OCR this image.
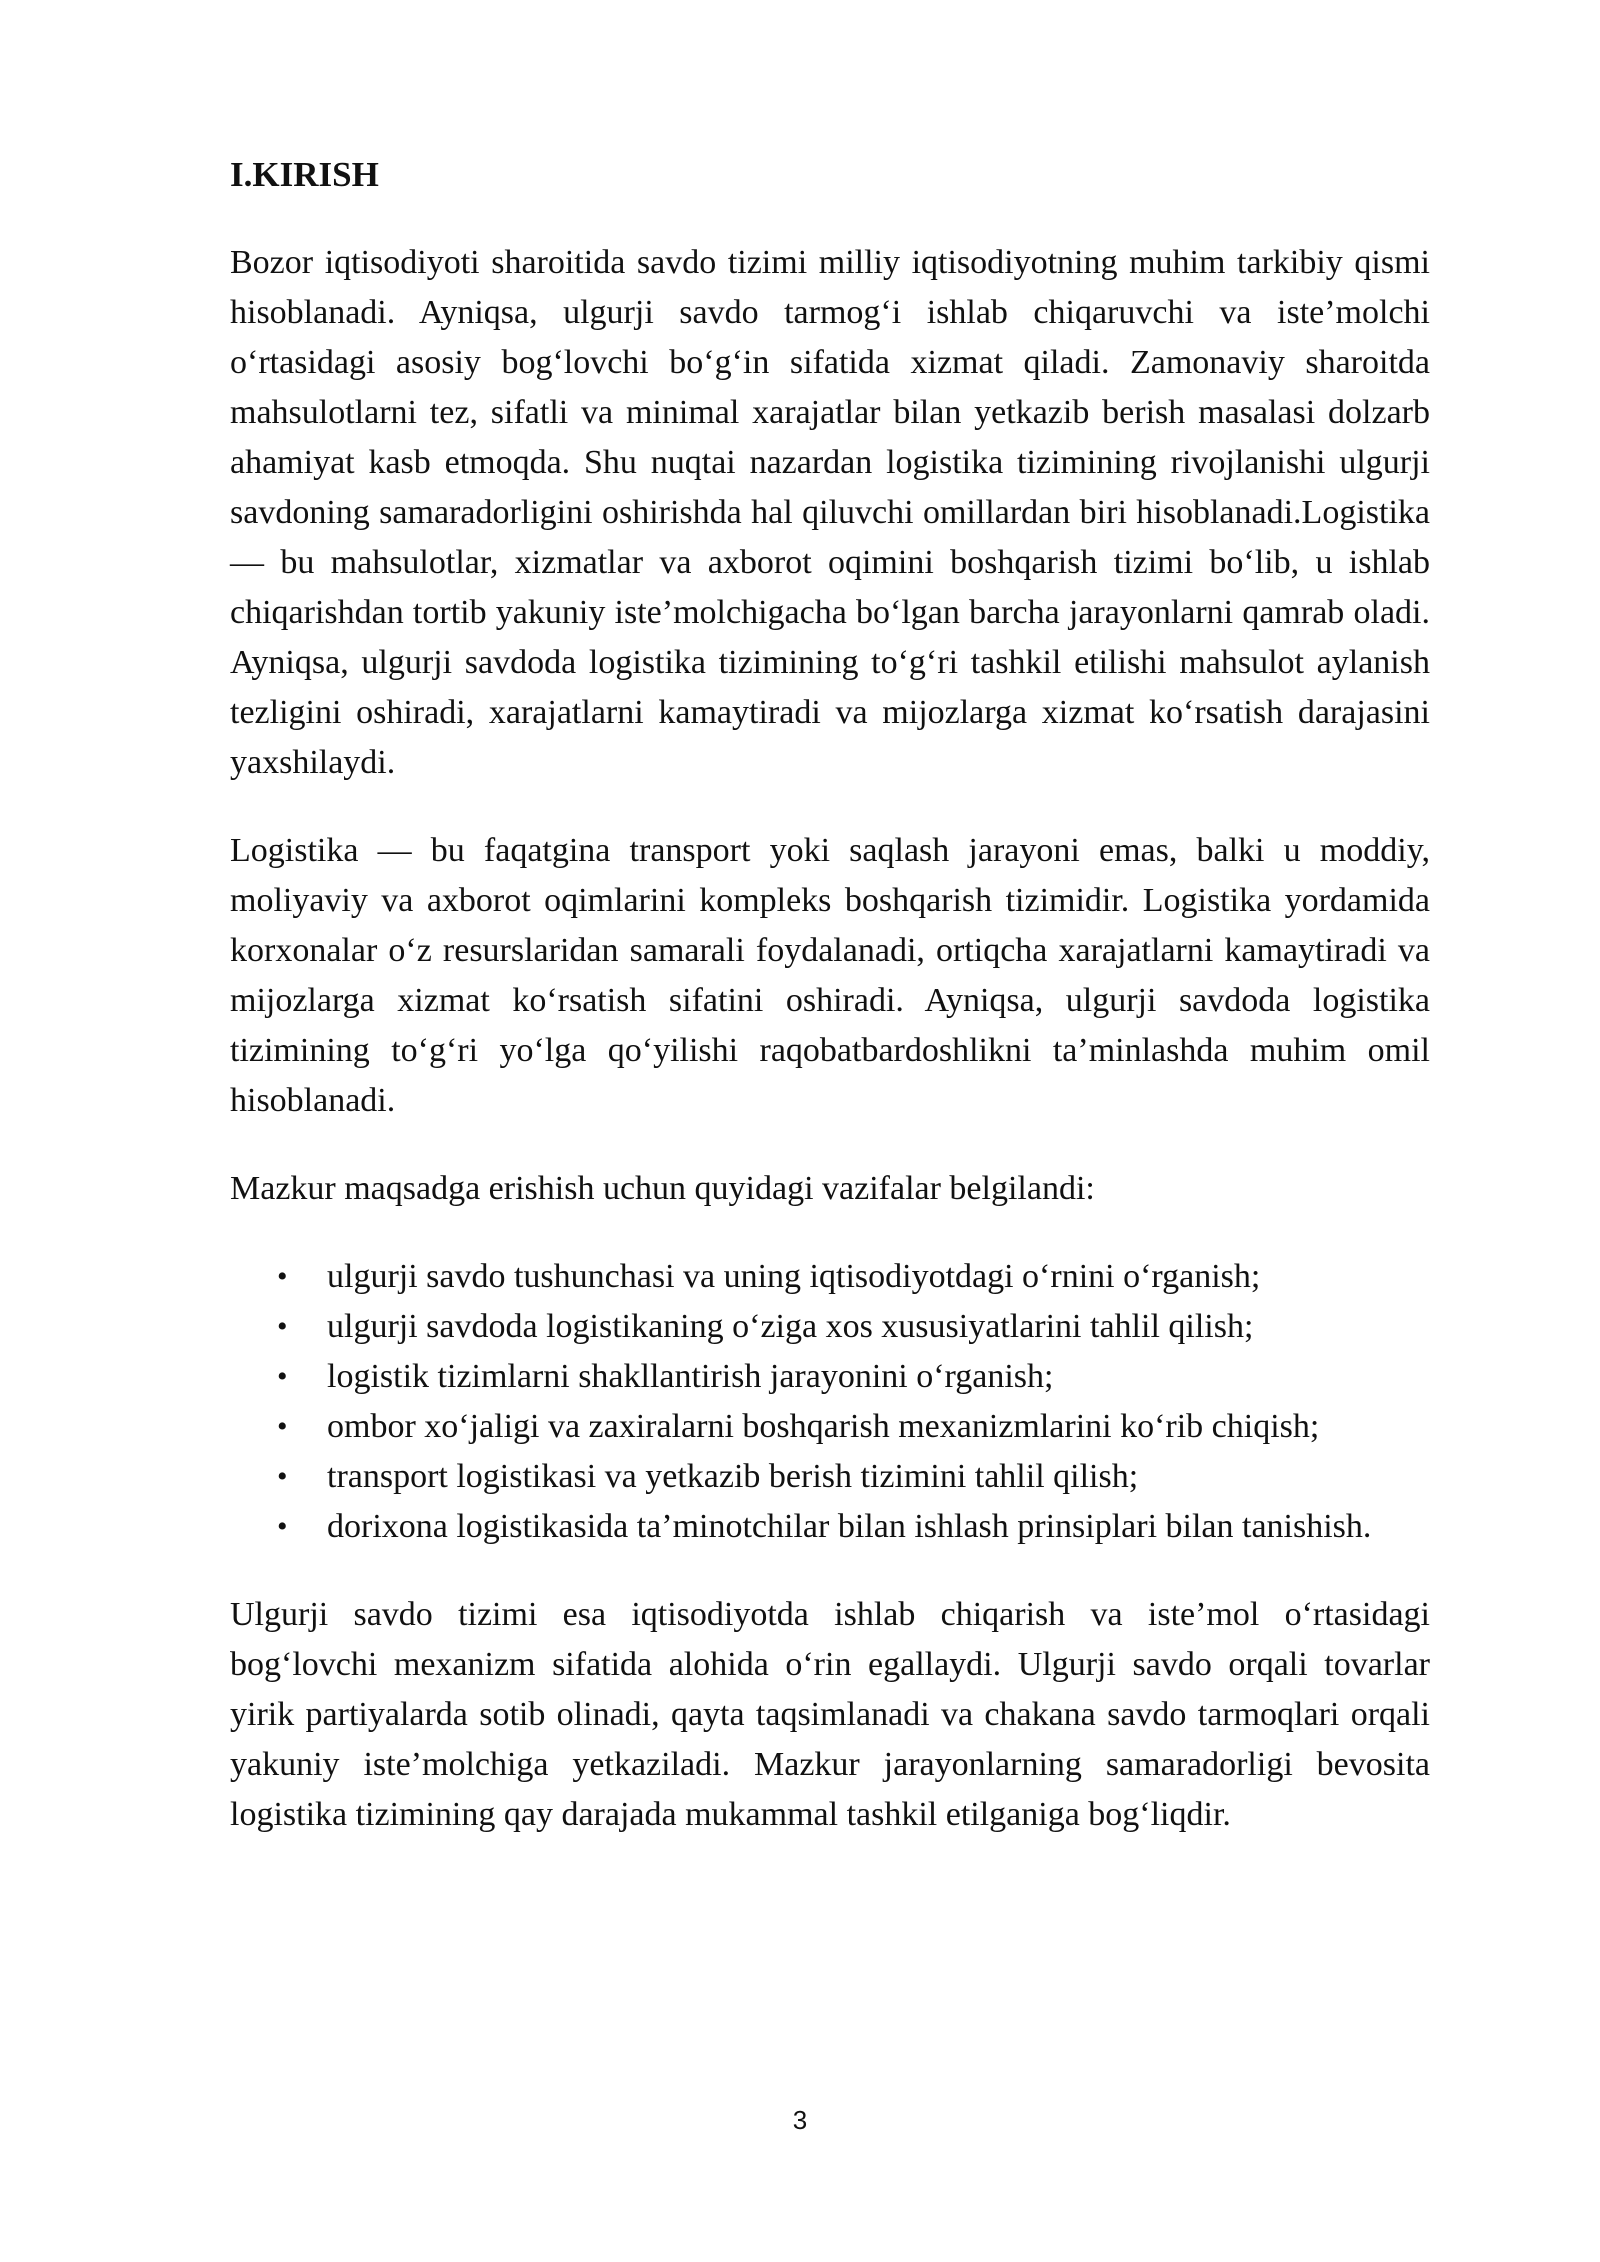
I.KIRISH

Bozor iqtisodiyoti sharoitida savdo tizimi milliy iqtisodiyotning muhim tarkibiy qismi hisoblanadi. Ayniqsa, ulgurji savdo tarmog‘i ishlab chiqaruvchi va iste’molchi o‘rtasidagi asosiy bog‘lovchi bo‘g‘in sifatida xizmat qiladi. Zamonaviy sharoitda mahsulotlarni tez, sifatli va minimal xarajatlar bilan yetkazib berish masalasi dolzarb ahamiyat kasb etmoqda. Shu nuqtai nazardan logistika tizimining rivojlanishi ulgurji savdoning samaradorligini oshirishda hal qiluvchi omillardan biri hisoblanadi.Logistika — bu mahsulotlar, xizmatlar va axborot oqimini boshqarish tizimi bo‘lib, u ishlab chiqarishdan tortib yakuniy iste’molchigacha bo‘lgan barcha jarayonlarni qamrab oladi. Ayniqsa, ulgurji savdoda logistika tizimining to‘g‘ri tashkil etilishi mahsulot aylanish tezligini oshiradi, xarajatlarni kamaytiradi va mijozlarga xizmat ko‘rsatish darajasini yaxshilaydi.

Logistika — bu faqatgina transport yoki saqlash jarayoni emas, balki u moddiy, moliyaviy va axborot oqimlarini kompleks boshqarish tizimidir. Logistika yordamida korxonalar o‘z resurslaridan samarali foydalanadi, ortiqcha xarajatlarni kamaytiradi va mijozlarga xizmat ko‘rsatish sifatini oshiradi. Ayniqsa, ulgurji savdoda logistika tizimining to‘g‘ri yo‘lga qo‘yilishi raqobatbardoshlikni ta’minlashda muhim omil hisoblanadi.

Mazkur maqsadga erishish uchun quyidagi vazifalar belgilandi:

• ulgurji savdo tushunchasi va uning iqtisodiyotdagi o‘rnini o‘rganish;
• ulgurji savdoda logistikaning o‘ziga xos xususiyatlarini tahlil qilish;
• logistik tizimlarni shakllantirish jarayonini o‘rganish;
• ombor xo‘jaligi va zaxiralarni boshqarish mexanizmlarini ko‘rib chiqish;
• transport logistikasi va yetkazib berish tizimini tahlil qilish;
• dorixona logistikasida ta’minotchilar bilan ishlash prinsiplari bilan tanishish.

Ulgurji savdo tizimi esa iqtisodiyotda ishlab chiqarish va iste’mol o‘rtasidagi bog‘lovchi mexanizm sifatida alohida o‘rin egallaydi. Ulgurji savdo orqali tovarlar yirik partiyalarda sotib olinadi, qayta taqsimlanadi va chakana savdo tarmoqlari orqali yakuniy iste’molchiga yetkaziladi. Mazkur jarayonlarning samaradorligi bevosita logistika tizimining qay darajada mukammal tashkil etilganiga bog‘liqdir.

3
